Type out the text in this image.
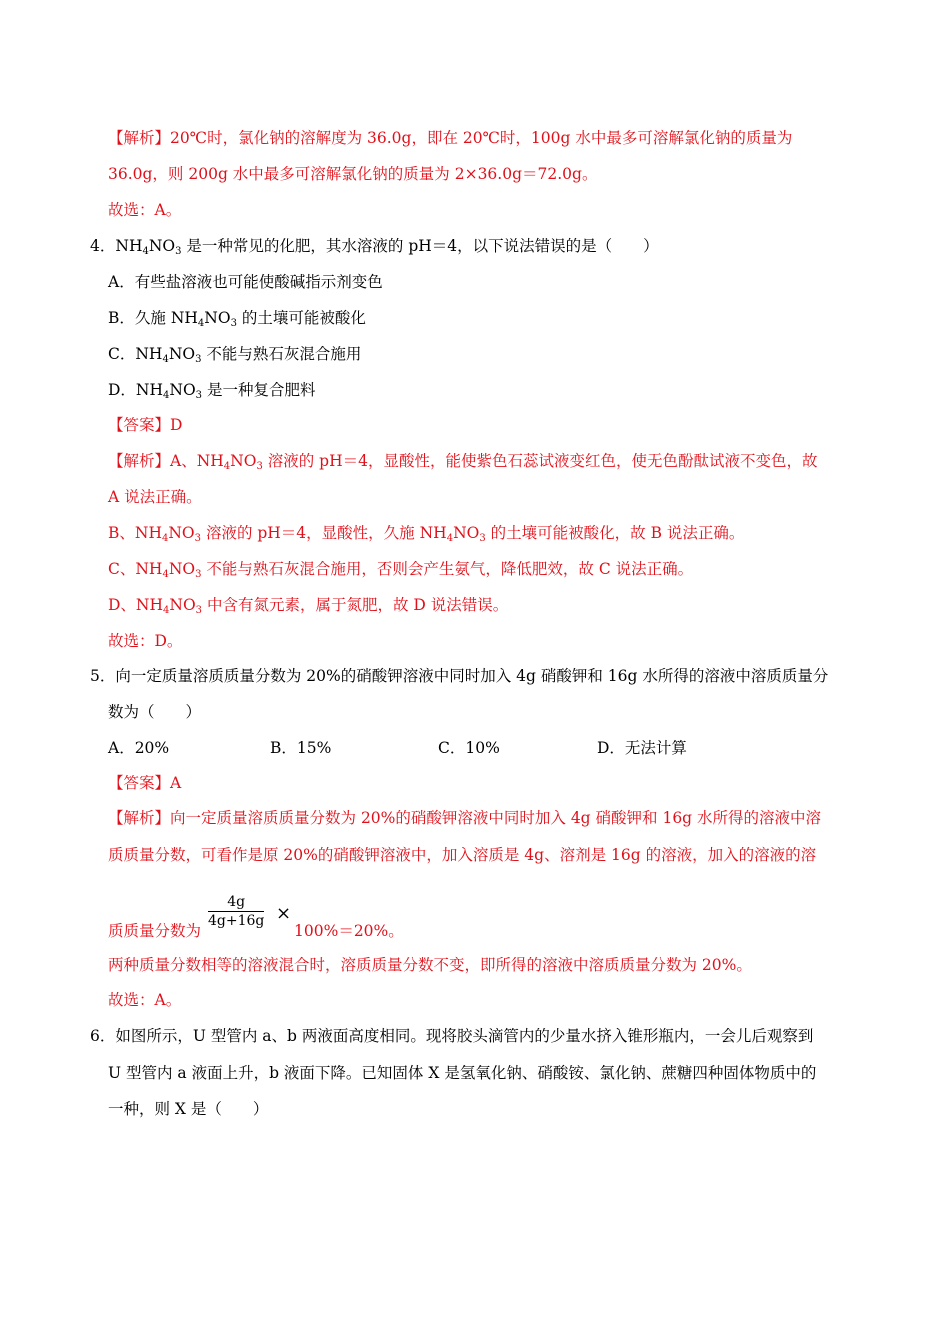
【解析】20℃时，氯化钠的溶解度为 36.0g，即在 20℃时，100g 水中最多可溶解氯化钠的质量为
36.0g，则 200g 水中最多可溶解氯化钠的质量为 2×36.0g＝72.0g。
故选：A。
4．$NH_4NO_3$ 是一种常见的化肥，其水溶液的 pH＝4，以下说法错误的是（　　）
A．有些盐溶液也可能使酸碱指示剂变色
B．久施 $NH_4NO_3$ 的土壤可能被酸化
C．$NH_4NO_3$ 不能与熟石灰混合施用
D．$NH_4NO_3$ 是一种复合肥料
【答案】D
【解析】A、$NH_4NO_3$ 溶液的 pH＝4，显酸性，能使紫色石蕊试液变红色，使无色酚酞试液不变色，故
A 说法正确。
B、$NH_4NO_3$ 溶液的 pH＝4，显酸性，久施 $NH_4NO_3$ 的土壤可能被酸化，故 B 说法正确。
C、$NH_4NO_3$ 不能与熟石灰混合施用，否则会产生氨气，降低肥效，故 C 说法正确。
D、$NH_4NO_3$ 中含有氮元素，属于氮肥，故 D 说法错误。
故选：D。
5．向一定质量溶质质量分数为 20%的硝酸钾溶液中同时加入 4g 硝酸钾和 16g 水所得的溶液中溶质质量分
数为（　　）
A．20%	B．15%	C．10%	D．无法计算
【答案】A
【解析】向一定质量溶质质量分数为 20%的硝酸钾溶液中同时加入 4g 硝酸钾和 16g 水所得的溶液中溶
质质量分数，可看作是原 20%的硝酸钾溶液中，加入溶质是 4g、溶剂是 16g 的溶液，加入的溶液的溶
质质量分数为
$\frac{4g}{4g+16g}$ ×
100%＝20%。
两种质量分数相等的溶液混合时，溶质质量分数不变，即所得的溶液中溶质质量分数为 20%。
故选：A。
6．如图所示，U 型管内 a、b 两液面高度相同。现将胶头滴管内的少量水挤入锥形瓶内，一会儿后观察到
U 型管内 a 液面上升，b 液面下降。已知固体 X 是氢氧化钠、硝酸铵、氯化钠、蔗糖四种固体物质中的
一种，则 X 是（　　）
